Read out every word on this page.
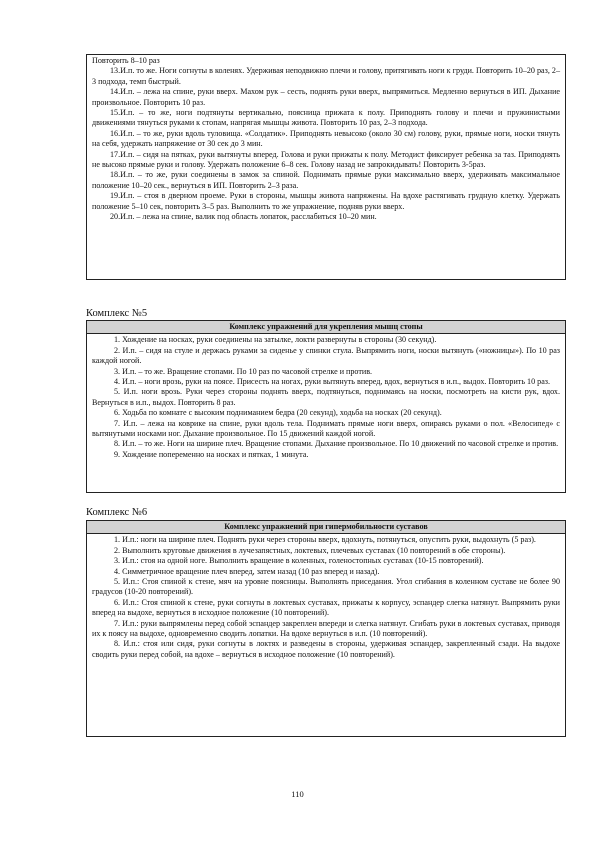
Повторить 8–10 раз

13.И.п. то же. Ноги согнуты в коленях. Удерживая неподвижно плечи и голову, притягивать ноги к груди. Повторить 10–20 раз, 2–3 подхода, темп быстрый.

14.И.п. – лежа на спине, руки вверх. Махом рук – сесть, поднять руки вверх, выпрямиться. Медленно вернуться в ИП. Дыхание произвольное. Повторить 10 раз.

15.И.п. – то же, ноги подтянуты вертикально, поясница прижата к полу. Приподнять голову и плечи и пружинистыми движениями тянуться руками к стопам, напрягая мышцы живота. Повторить 10 раз, 2–3 подхода.

16.И.п. – то же, руки вдоль туловища. «Солдатик». Приподнять невысоко (около 30 см) голову, руки, прямые ноги, носки тянуть на себя, удержать напряжение от 30 сек до 3 мин.

17.И.п. – сидя на пятках, руки вытянуты вперед. Голова и руки прижаты к полу. Методист фиксирует ребенка за таз. Приподнять не высоко прямые руки и голову. Удержать положение 6–8 сек. Голову назад не запрокидывать! Повторить 3-5раз.

18.И.п. – то же, руки соединены в замок за спиной. Поднимать прямые руки максимально вверх, удерживать максимальное положение 10–20 сек., вернуться в ИП. Повторить 2–3 раза.

19.И.п. – стоя в дверном проеме. Руки в стороны, мышцы живота напряжены. На вдохе растягивать грудную клетку. Удержать положение 5–10 сек, повторить 3–5 раз. Выполнить то же упражнение, подняв руки вверх.

20.И.п. – лежа на спине, валик под область лопаток, расслабиться 10–20 мин.

Комплекс №5
Комплекс упражнений для укрепления мышц стопы

1. Хождение на носках, руки соединены на затылке, локти развернуты в стороны (30 секунд).

2. И.п. – сидя на стуле и держась руками за сиденье у спинки стула. Выпрямить ноги, носки вытянуть («ножницы»). По 10 раз каждой ногой.

3. И.п. – то же. Вращение стопами. По 10 раз по часовой стрелке и против.

4. И.п. – ноги врозь, руки на поясе. Присесть на ногах, руки вытянуть вперед, вдох, вернуться в и.п., выдох. Повторить 10 раз.

5. И.п. ноги врозь. Руки через стороны поднять вверх, подтянуться, поднимаясь на носки, посмотреть на кисти рук, вдох. Вернуться в и.п., выдох. Повторить 8 раз.

6. Ходьба по комнате с высоким подниманием бедра (20 секунд), ходьба на носках (20 секунд).

7. И.п. – лежа на коврике на спине, руки вдоль тела. Поднимать прямые ноги вверх, опираясь руками о пол. «Велосипед» с вытянутыми носками ног. Дыхание произвольное. По 15 движений каждой ногой.

8. И.п. – то же. Ноги на ширине плеч. Вращение стопами. Дыхание произвольное. По 10 движений по часовой стрелке и против.

9. Хождение попеременно на носках и пятках, 1 минута.

Комплекс №6
Комплекс упражнений при гипермобильности суставов

1. И.п.: ноги на ширине плеч. Поднять руки через стороны вверх, вдохнуть, потянуться, опустить руки, выдохнуть (5 раз).

2. Выполнить круговые движения в лучезапястных, локтевых, плечевых суставах (10 повторений в обе стороны).

3. И.п.: стоя на одной ноге. Выполнить вращение в коленных, голеностопных суставах (10-15 повторений).

4. Симметричное вращение плеч вперед, затем назад (10 раз вперед и назад).

5. И.п.: Стоя спиной к стене, мяч на уровне поясницы. Выполнять приседания. Угол сгибания в коленном суставе не более 90 градусов (10-20 повторений).

6. И.п.: Стоя спиной к стене, руки согнуты в локтевых суставах, прижаты к корпусу, эспандер слегка натянут. Выпрямить руки вперед на выдохе, вернуться в исходное положение (10 повторений).

7. И.п.: руки выпрямлены перед собой эспандер закреплен впереди и слегка натянут. Сгибать руки в локтевых суставах, приводя их к поясу на выдохе, одновременно сводить лопатки. На вдохе вернуться в и.п. (10 повторений).

8. И.п.: стоя или сидя, руки согнуты в локтях и разведены в стороны, удерживая эспандер, закрепленный сзади. На выдохе сводить руки перед собой, на вдохе – вернуться в исходное положение (10 повторений).

110
